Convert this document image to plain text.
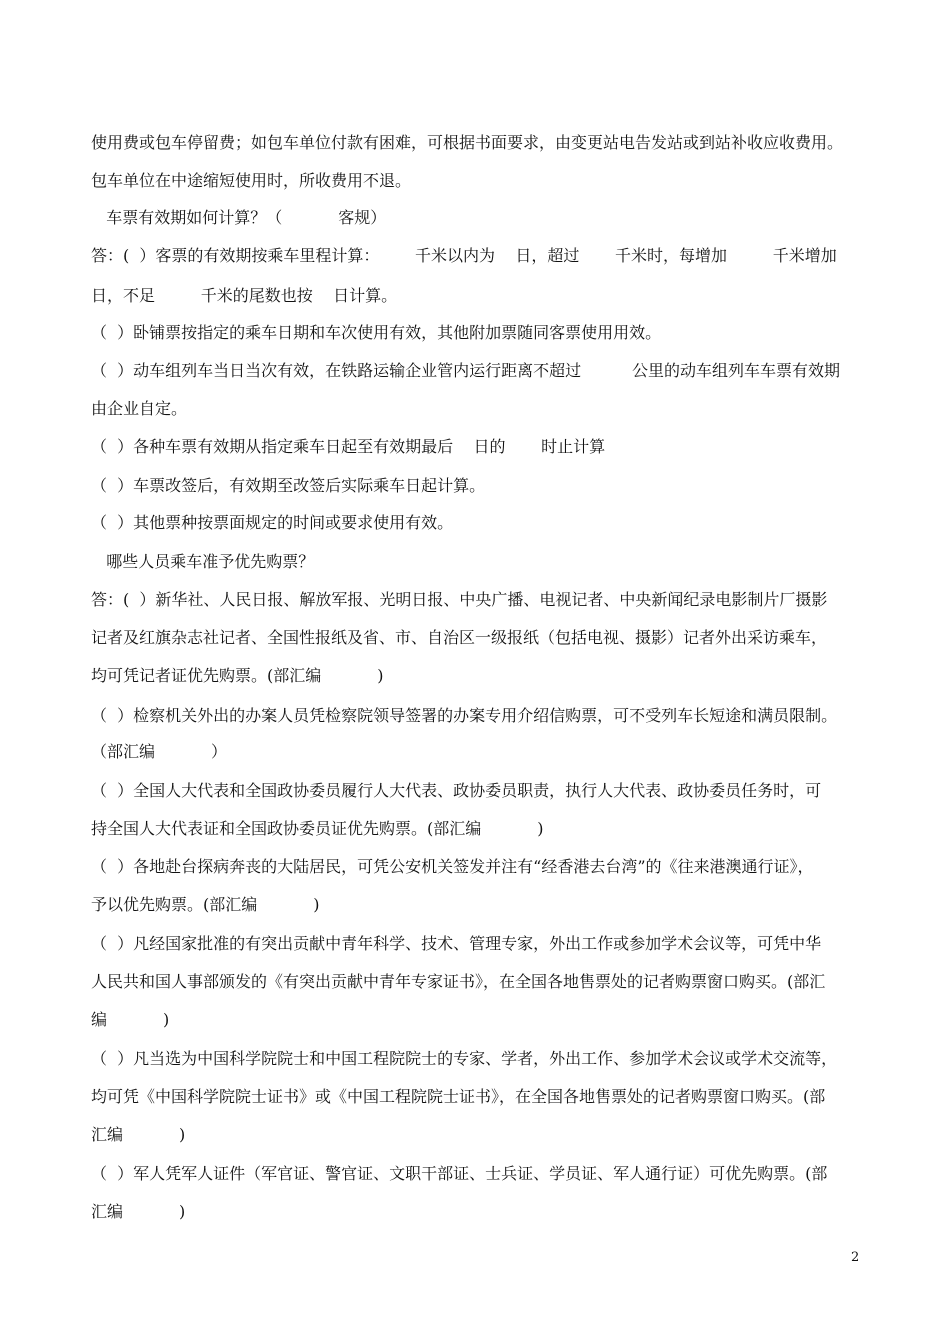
使用费或包车停留费；如包车单位付款有困难，可根据书面要求，由变更站电告发站或到站补收应收费用。
包车单位在中途缩短使用时，所收费用不退。
车票有效期如何计算？（           客规）
答：(  ）客票的有效期按乘车里程计算：       千米以内为    日，超过       千米时，每增加         千米增加
日，不足         千米的尾数也按    日计算。
（  ）卧铺票按指定的乘车日期和车次使用有效，其他附加票随同客票使用用效。
（  ）动车组列车当日当次有效，在铁路运输企业管内运行距离不超过          公里的动车组列车车票有效期
由企业自定。
（  ）各种车票有效期从指定乘车日起至有效期最后    日的       时止计算
（  ）车票改签后，有效期至改签后实际乘车日起计算。
（  ）其他票种按票面规定的时间或要求使用有效。
哪些人员乘车准予优先购票？
答：(  ）新华社、人民日报、解放军报、光明日报、中央广播、电视记者、中央新闻纪录电影制片厂摄影
记者及红旗杂志社记者、全国性报纸及省、市、自治区一级报纸（包括电视、摄影）记者外出采访乘车，
均可凭记者证优先购票。(部汇编           )
（  ）检察机关外出的办案人员凭检察院领导签署的办案专用介绍信购票，可不受列车长短途和满员限制。
（部汇编           ）
（  ）全国人大代表和全国政协委员履行人大代表、政协委员职责，执行人大代表、政协委员任务时，可
持全国人大代表证和全国政协委员证优先购票。(部汇编           )
（  ）各地赴台探病奔丧的大陆居民，可凭公安机关签发并注有“经香港去台湾”的《往来港澳通行证》，
予以优先购票。(部汇编           )
（  ）凡经国家批准的有突出贡献中青年科学、技术、管理专家，外出工作或参加学术会议等，可凭中华
人民共和国人事部颁发的《有突出贡献中青年专家证书》，在全国各地售票处的记者购票窗口购买。(部汇
编           )
（  ）凡当选为中国科学院院士和中国工程院院士的专家、学者，外出工作、参加学术会议或学术交流等，
均可凭《中国科学院院士证书》或《中国工程院院士证书》，在全国各地售票处的记者购票窗口购买。(部
汇编           )
（  ）军人凭军人证件（军官证、警官证、文职干部证、士兵证、学员证、军人通行证）可优先购票。(部
汇编           )
2
